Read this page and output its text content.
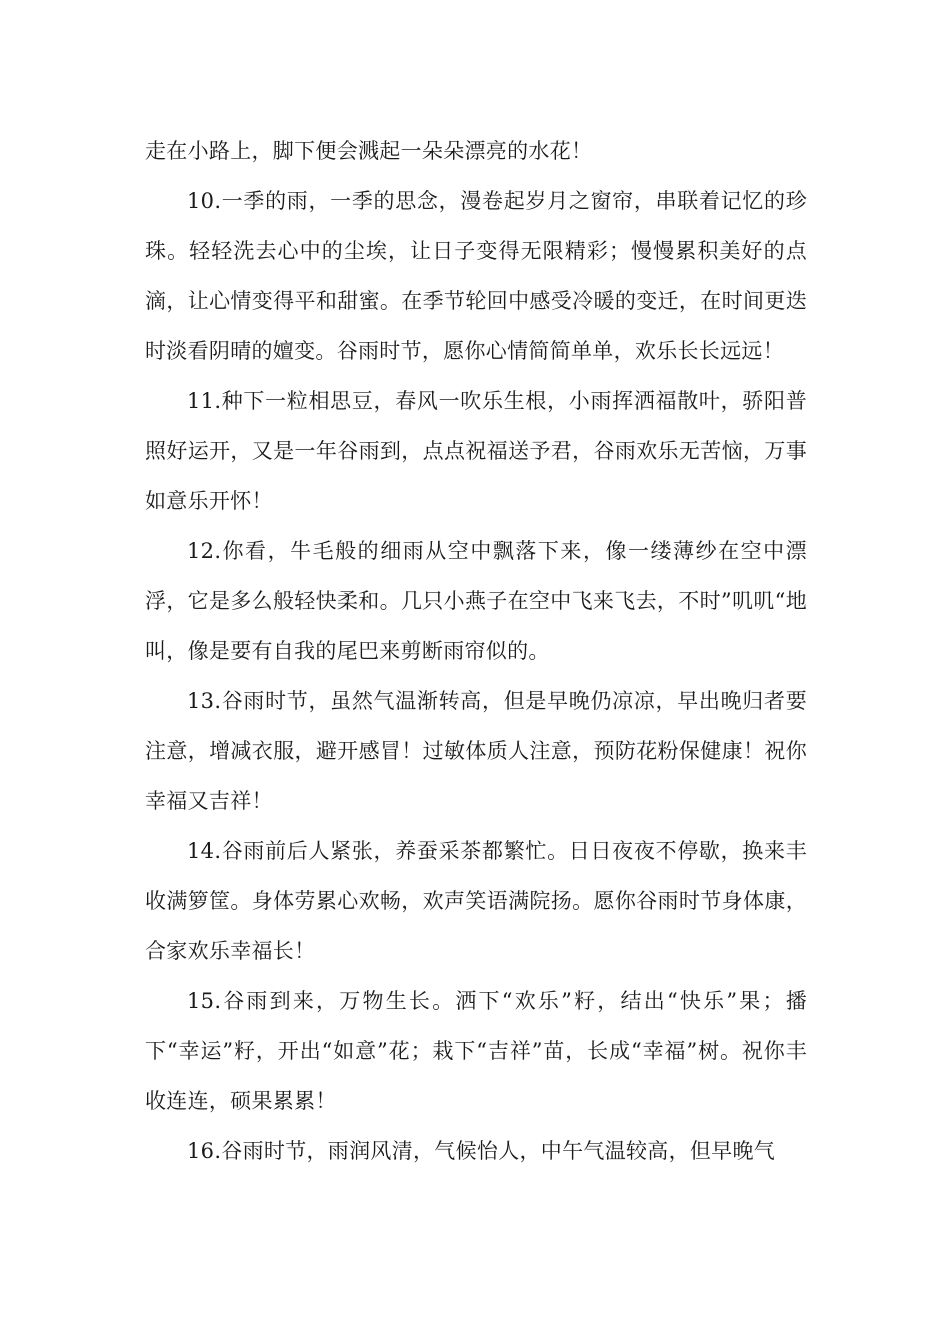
走在小路上，脚下便会溅起一朵朵漂亮的水花！

10.一季的雨，一季的思念，漫卷起岁月之窗帘，串联着记忆的珍珠。轻轻洗去心中的尘埃，让日子变得无限精彩；慢慢累积美好的点滴，让心情变得平和甜蜜。在季节轮回中感受冷暖的变迁，在时间更迭时淡看阴晴的嬗变。谷雨时节，愿你心情简简单单，欢乐长长远远！

11.种下一粒相思豆，春风一吹乐生根，小雨挥洒福散叶，骄阳普照好运开，又是一年谷雨到，点点祝福送予君，谷雨欢乐无苦恼，万事如意乐开怀！

12.你看，牛毛般的细雨从空中飘落下来，像一缕薄纱在空中漂浮，它是多么般轻快柔和。几只小燕子在空中飞来飞去，不时”叽叽“地叫，像是要有自我的尾巴来剪断雨帘似的。

13.谷雨时节，虽然气温渐转高，但是早晚仍凉凉，早出晚归者要注意，增减衣服，避开感冒！过敏体质人注意，预防花粉保健康！祝你幸福又吉祥！

14.谷雨前后人紧张，养蚕采茶都繁忙。日日夜夜不停歇，换来丰收满箩筐。身体劳累心欢畅，欢声笑语满院扬。愿你谷雨时节身体康，合家欢乐幸福长！

15.谷雨到来，万物生长。洒下“欢乐”籽，结出“快乐”果；播下“幸运”籽，开出“如意”花；栽下“吉祥”苗，长成“幸福”树。祝你丰收连连，硕果累累！

16.谷雨时节，雨润风清，气候怡人，中午气温较高，但早晚气
